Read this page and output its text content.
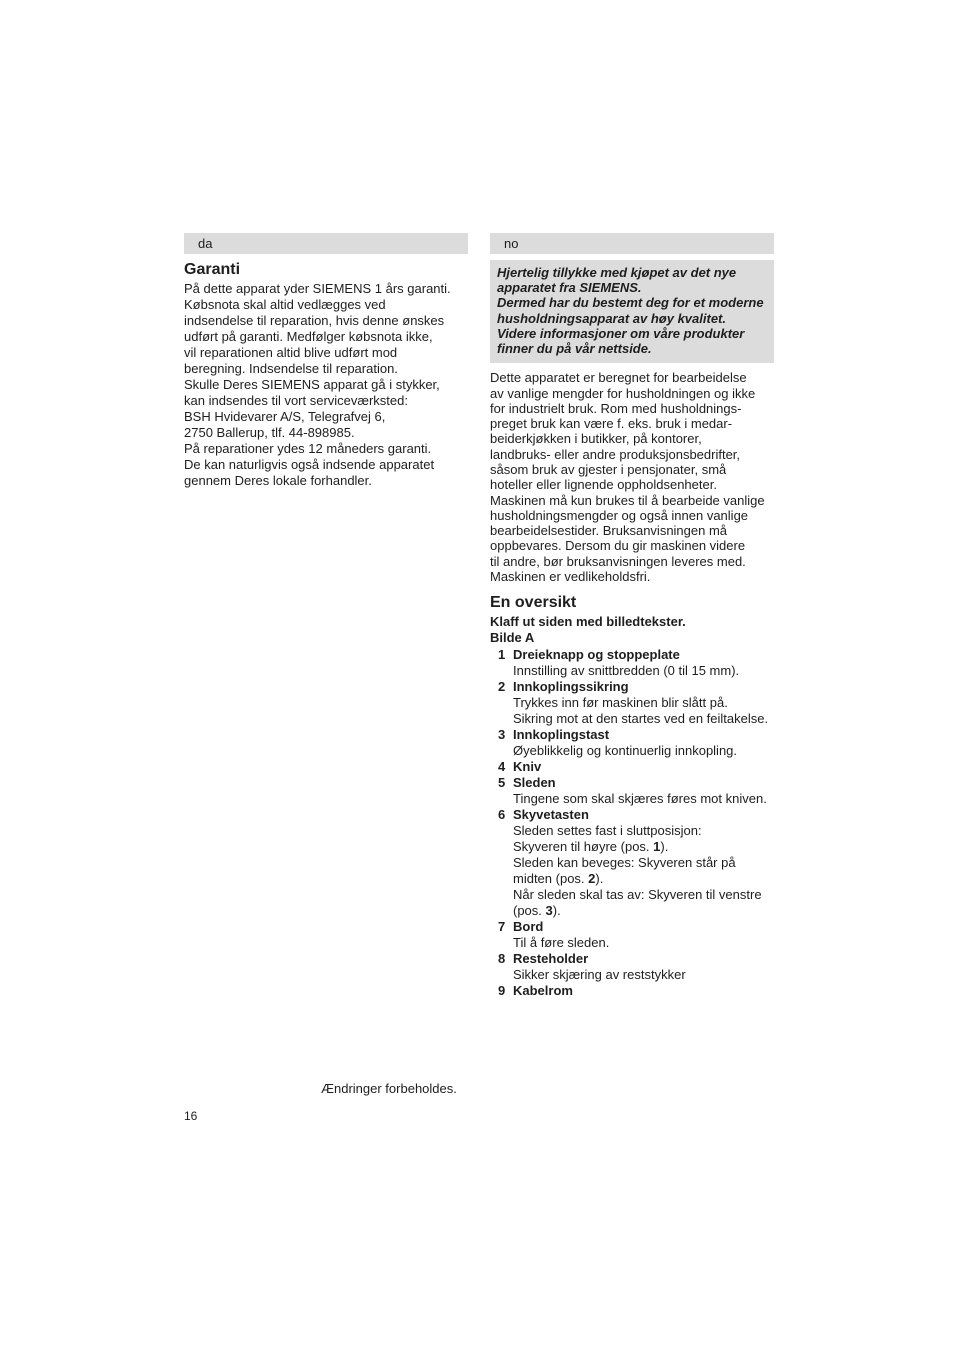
da
Garanti

På dette apparat yder SIEMENS 1 års garanti.
Købsnota skal altid vedlægges ved
indsendelse til reparation, hvis denne ønskes
udført på garanti. Medfølger købsnota ikke,
vil reparationen altid blive udført mod
beregning. Indsendelse til reparation.
Skulle Deres SIEMENS apparat gå i stykker,
kan indsendes til vort serviceværksted:
BSH Hvidevarer A/S, Telegrafvej 6,
2750 Ballerup, tlf. 44-898985.
På reparationer ydes 12 måneders garanti.
De kan naturligvis også indsende apparatet
gennem Deres lokale forhandler.

no
Hjertelig tillykke med kjøpet av det nye
apparatet fra SIEMENS.
Dermed har du bestemt deg for et moderne
husholdningsapparat av høy kvalitet.
Videre informasjoner om våre produkter
finner du på vår nettside.
Dette apparatet er beregnet for bearbeidelse
av vanlige mengder for husholdningen og ikke
for industrielt bruk. Rom med husholdnings-
preget bruk kan være f. eks. bruk i medar-
beiderkjøkken i butikker, på kontorer,
landbruks- eller andre produksjonsbedrifter,
såsom bruk av gjester i pensjonater, små
hoteller eller lignende oppholdsenheter.
Maskinen må kun brukes til å bearbeide vanlige
husholdningsmengder og også innen vanlige
bearbeidelsestider. Bruksanvisningen må
oppbevares. Dersom du gir maskinen videre
til andre, bør bruksanvisningen leveres med.
Maskinen er vedlikeholdsfri.
En oversikt
Klaff ut siden med billedtekster.
Bilde A
1 Dreieknapp og stoppeplate
Innstilling av snittbredden (0 til 15 mm).
2 Innkoplingssikring
Trykkes inn før maskinen blir slått på.
Sikring mot at den startes ved en feiltakelse.
3 Innkoplingstast
Øyeblikkelig og kontinuerlig innkopling.
4 Kniv
5 Sleden
Tingene som skal skjæres føres mot kniven.
6 Skyvetasten
Sleden settes fast i sluttposisjon:
Skyveren til høyre (pos. 1).
Sleden kan beveges: Skyveren står på
midten (pos. 2).
Når sleden skal tas av: Skyveren til venstre
(pos. 3).
7 Bord
Til å føre sleden.
8 Resteholder
Sikker skjæring av reststykker
9 Kabelrom
Ændringer forbeholdes.
16
